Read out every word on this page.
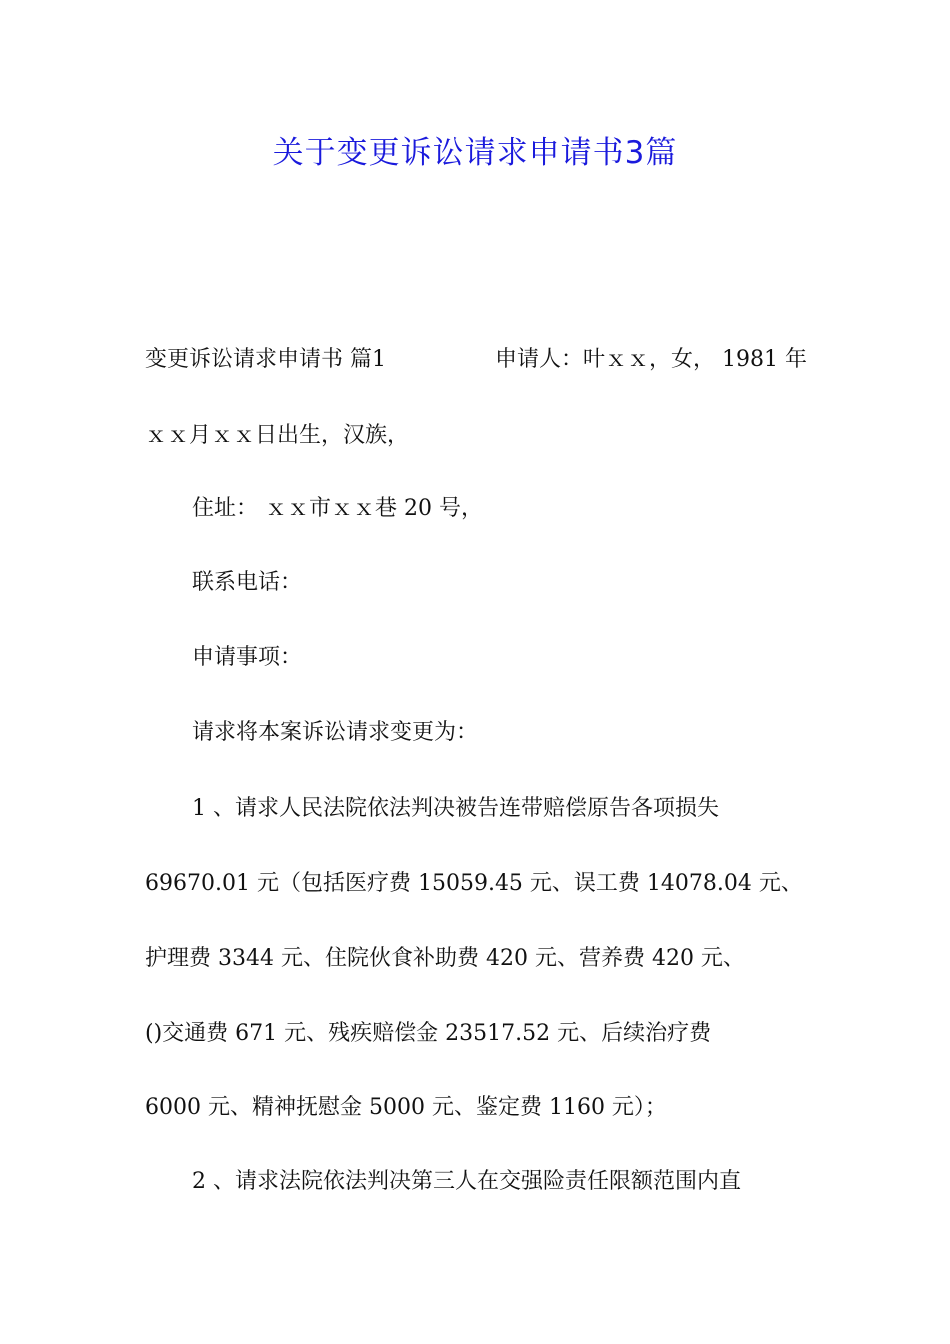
关于变更诉讼请求申请书3篇
变更诉讼请求申请书 篇1	申请人：叶ｘｘ，女， 1981 年

ｘｘ月ｘｘ日出生，汉族，

住址： ｘｘ市ｘｘ巷 20 号，

联系电话：

申请事项：

请求将本案诉讼请求变更为：

1 、请求人民法院依法判决被告连带赔偿原告各项损失

69670.01 元（包括医疗费 15059.45 元、误工费 14078.04 元、

护理费 3344 元、住院伙食补助费 420 元、营养费 420 元、

()交通费 671 元、残疾赔偿金 23517.52 元、后续治疗费

6000 元、精神抚慰金 5000 元、鉴定费 1160 元）；

2 、请求法院依法判决第三人在交强险责任限额范围内直
